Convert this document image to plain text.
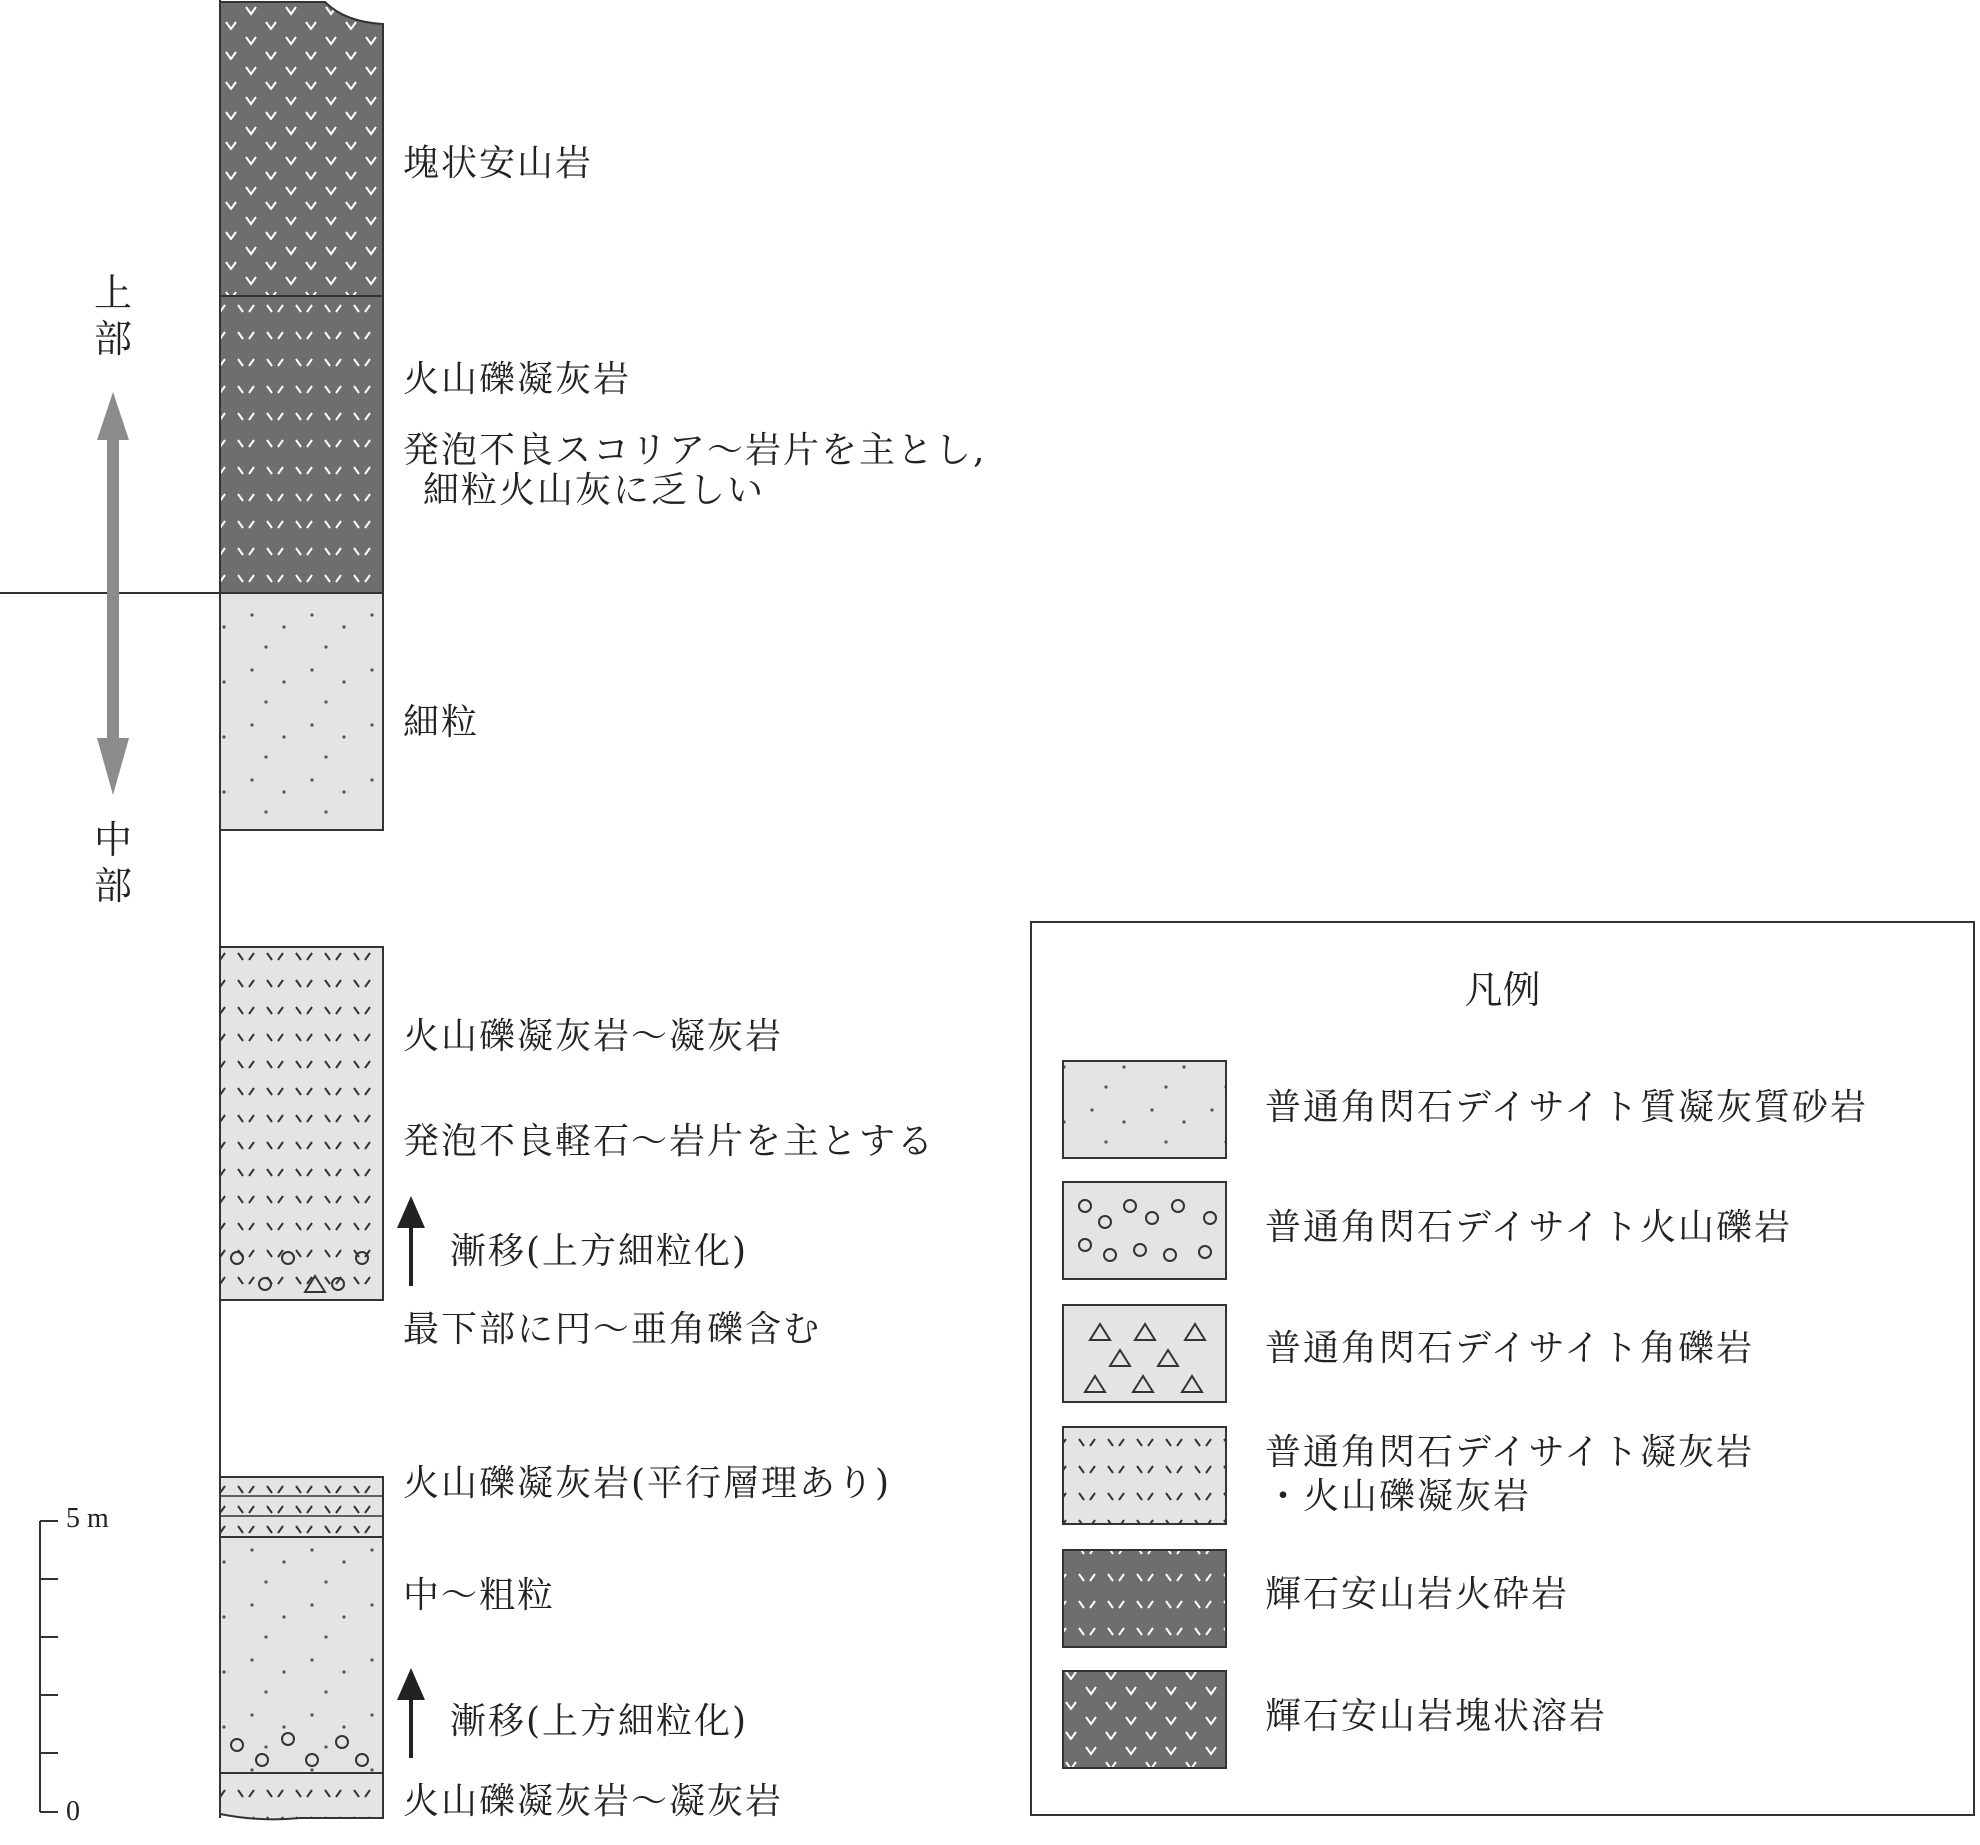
上
部
中
部
5 m
0
塊状安山岩
火山礫凝灰岩
発泡不良スコリア～岩片を主とし,
細粒火山灰に乏しい
細粒
火山礫凝灰岩～凝灰岩
発泡不良軽石～岩片を主とする
漸移(上方細粒化)
最下部に円～亜角礫含む
火山礫凝灰岩(平行層理あり)
中～粗粒
漸移(上方細粒化)
火山礫凝灰岩～凝灰岩
凡例
普通角閃石デイサイト質凝灰質砂岩
普通角閃石デイサイト火山礫岩
普通角閃石デイサイト角礫岩
普通角閃石デイサイト凝灰岩
・火山礫凝灰岩
輝石安山岩火砕岩
輝石安山岩塊状溶岩
